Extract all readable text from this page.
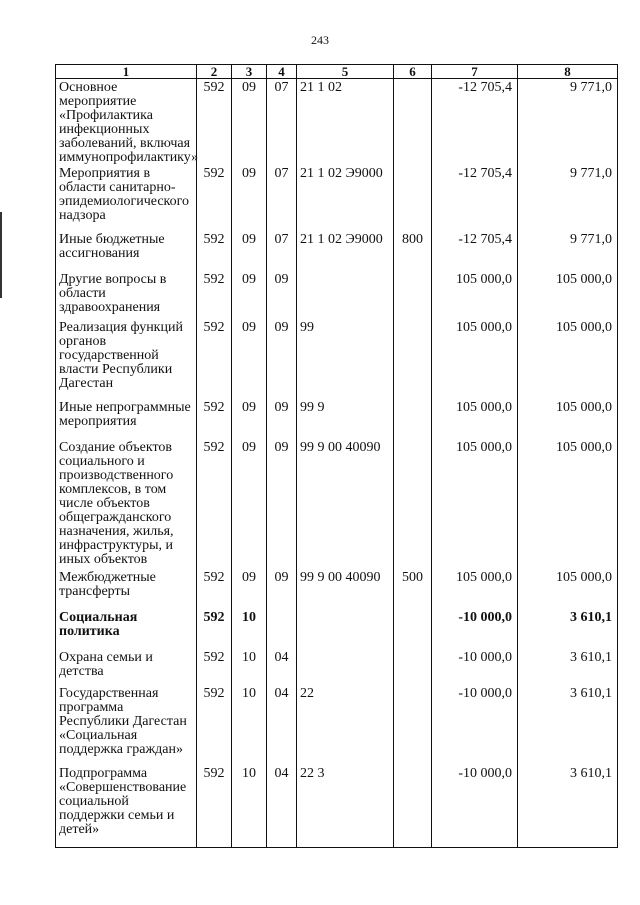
243
1	2	3	4	5	6	7	8
Основное мероприятие «Профилактика инфекционных заболеваний, включая иммунопрофилактику»	592	09	07	21 1 02		-12 705,4	9 771,0
Мероприятия в области санитарно-эпидемиологического надзора	592	09	07	21 1 02 Э9000		-12 705,4	9 771,0
Иные бюджетные ассигнования	592	09	07	21 1 02 Э9000	800	-12 705,4	9 771,0
Другие вопросы в области здравоохранения	592	09	09			105 000,0	105 000,0
Реализация функций органов государственной власти Республики Дагестан	592	09	09	99		105 000,0	105 000,0
Иные непрограммные мероприятия	592	09	09	99 9		105 000,0	105 000,0
Создание объектов социального и производственного комплексов, в том числе объектов общегражданского назначения, жилья, инфраструктуры, и иных объектов	592	09	09	99 9 00 40090		105 000,0	105 000,0
Межбюджетные трансферты	592	09	09	99 9 00 40090	500	105 000,0	105 000,0
Социальная политика	592	10				-10 000,0	3 610,1
Охрана семьи и детства	592	10	04			-10 000,0	3 610,1
Государственная программа Республики Дагестан «Социальная поддержка граждан»	592	10	04	22		-10 000,0	3 610,1
Подпрограмма «Совершенствование социальной поддержки семьи и детей»	592	10	04	22 3		-10 000,0	3 610,1
